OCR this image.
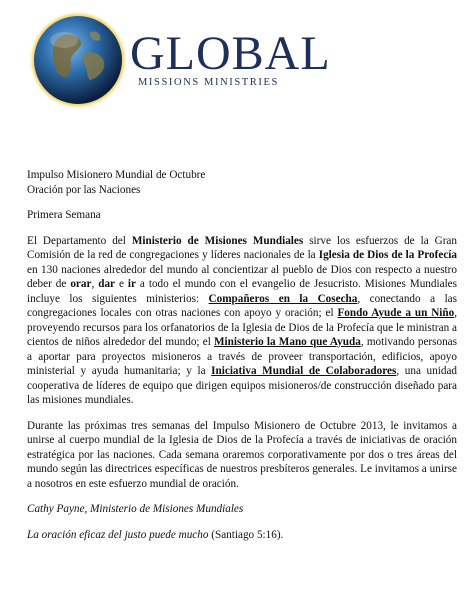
GLOBAL
MISSIONS MINISTRIES

Impulso Misionero Mundial de Octubre

Oración por las Naciones

Primera Semana

El Departamento del Ministerio de Misiones Mundiales sirve los esfuerzos de la Gran Comisión de la red de congregaciones y líderes nacionales de la Iglesia de Dios de la Profecía en 130 naciones alrededor del mundo al concientizar al pueblo de Dios con respecto a nuestro deber de orar, dar e ir a todo el mundo con el evangelio de Jesucristo. Misiones Mundiales incluye los siguientes ministerios: Compañeros en la Cosecha, conectando a las congregaciones locales con otras naciones con apoyo y oración; el Fondo Ayude a un Niño, proveyendo recursos para los orfanatorios de la Iglesia de Dios de la Profecía que le ministran a cientos de niños alrededor del mundo; el Ministerio la Mano que Ayuda, motivando personas a aportar para proyectos misioneros a través de proveer transportación, edificios, apoyo ministerial y ayuda humanitaria; y la Iniciativa Mundial de Colaboradores, una unidad cooperativa de líderes de equipo que dirigen equipos misioneros/de construcción diseñado para las misiones mundiales.

Durante las próximas tres semanas del Impulso Misionero de Octubre 2013, le invitamos a unirse al cuerpo mundial de la Iglesia de Dios de la Profecía a través de iniciativas de oración estratégica por las naciones. Cada semana oraremos corporativamente por dos o tres áreas del mundo según las directrices específicas de nuestros presbíteros generales. Le invitamos a unirse a nosotros en este esfuerzo mundial de oración.

Cathy Payne, Ministerio de Misiones Mundiales

La oración eficaz del justo puede mucho (Santiago 5:16).
